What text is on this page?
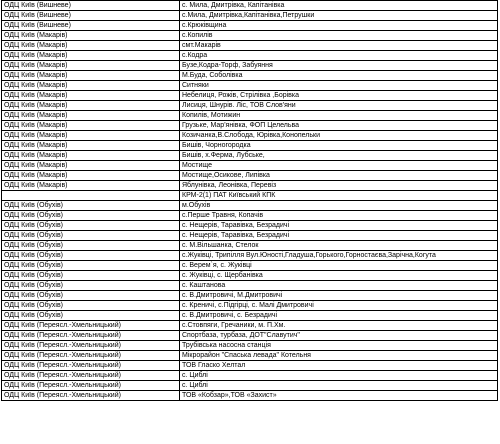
ОДЦ Київ (Вишневе)	с. Мила, Дмитрівка, Капітанівка
ОДЦ Київ (Вишневе)	с.Мила, Дмитрівка,Капітанівка,Петрушки
ОДЦ Київ (Вишневе)	с.Крюківщина
ОДЦ Київ (Макарів)	с.Копилів
ОДЦ Київ (Макарів)	смт.Макарів
ОДЦ Київ (Макарів)	с.Кодра
ОДЦ Київ (Макарів)	Бузе,Кодра-Торф, Забуяння
ОДЦ Київ (Макарів)	М.Буда, Соболівка
ОДЦ Київ (Макарів)	Ситняки
ОДЦ Київ (Макарів)	Небелиця, Рожів, Стрілівка ,Борівка
ОДЦ Київ (Макарів)	Лисиця, Шнурів. Ліс, ТОВ Слов'яни
ОДЦ Київ (Макарів)	Копилів, Мотижин
ОДЦ Київ (Макарів)	Грузьке, Мар'янівка, ФОП Целельва
ОДЦ Київ (Макарів)	Козичанка,В.Слобода, Юрівка,Конопельки
ОДЦ Київ (Макарів)	Бишів, Чорногородка
ОДЦ Київ (Макарів)	Бишів, х.Ферма, Лубське,
ОДЦ Київ (Макарів)	Мостище
ОДЦ Київ (Макарів)	Мостище,Осикове, Липівка
ОДЦ Київ (Макарів)	Яблунівка, Леонівка, Перевіз
	КРМ-2(1) ПАТ Київський КПК
ОДЦ Київ (Обухів)	м.Обухів
ОДЦ Київ (Обухів)	с.Перше Травня, Копачів
ОДЦ Київ (Обухів)	с. Нещерів, Таравівка, Безрадичі
ОДЦ Київ (Обухів)	с. Нещерів, Таравівка, Безрадичі
ОДЦ Київ (Обухів)	с. М.Вільшанка, Стелок
ОДЦ Київ (Обухів)	с.Жуківці, Трипілля Вул.Юності,Гладуша,Горького,Горностаєва,Зарічна,Когута
ОДЦ Київ (Обухів)	с. Верем`я, с. Жуківці
ОДЦ Київ (Обухів)	с. Жуківці, с. Щербанівка
ОДЦ Київ (Обухів)	с. Каштанова
ОДЦ Київ (Обухів)	с. В.Дмитровичі, М.Дмитровичі
ОДЦ Київ (Обухів)	с. Креничі, с.Підгірці, с. Малі Дмитровичі
ОДЦ Київ (Обухів)	с. В.Дмитровичі, с. Безрадичі
ОДЦ Київ (Переясл.-Хмельницький)	с.Стовпяги, Гречаники, м. П.Хм.
ОДЦ Київ (Переясл.-Хмельницький)	Спортбаза, турбаза, ДОТ"Славутич"
ОДЦ Київ (Переясл.-Хмельницький)	Трубівська насосна станція
ОДЦ Київ (Переясл.-Хмельницький)	Мікрорайон "Спаська левада" Котельня
ОДЦ Київ (Переясл.-Хмельницький)	ТОВ Гласко Хелтал
ОДЦ Київ (Переясл.-Хмельницький)	с. Циблі
ОДЦ Київ (Переясл.-Хмельницький)	с. Циблі
ОДЦ Київ (Переясл.-Хмельницький)	ТОВ «Кобзар»,ТОВ «Захист»
